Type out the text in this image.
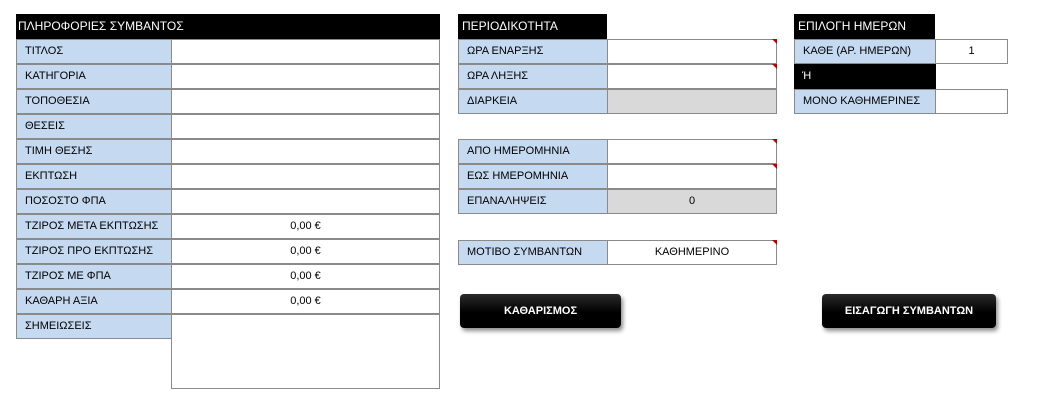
ΠΛΗΡΟΦΟΡΙΕΣ ΣΥΜΒΑΝΤΟΣ
ΤΙΤΛΟΣ
ΚΑΤΗΓΟΡΙΑ
ΤΟΠΟΘΕΣΙΑ
ΘΕΣΕΙΣ
ΤΙΜΗ ΘΕΣΗΣ
ΕΚΠΤΩΣΗ
ΠΟΣΟΣΤΟ ΦΠΑ
ΤΖΙΡΟΣ ΜΕΤΑ ΕΚΠΤΩΣΗΣ	0,00 €
ΤΖΙΡΟΣ ΠΡΟ ΕΚΠΤΩΣΗΣ	0,00 €
ΤΖΙΡΟΣ ΜΕ ΦΠΑ	0,00 €
ΚΑΘΑΡΗ ΑΞΙΑ	0,00 €
ΣΗΜΕΙΩΣΕΙΣ
ΠΕΡΙΟΔΙΚΟΤΗΤΑ
ΩΡΑ ΕΝΑΡΞΗΣ
ΩΡΑ ΛΗΞΗΣ
ΔΙΑΡΚΕΙΑ
ΑΠΟ ΗΜΕΡΟΜΗΝΙΑ
ΕΩΣ ΗΜΕΡΟΜΗΝΙΑ
ΕΠΑΝΑΛΗΨΕΙΣ	0
ΜΟΤΙΒΟ ΣΥΜΒΑΝΤΩΝ	ΚΑΘΗΜΕΡΙΝΟ
ΕΠΙΛΟΓΗ ΗΜΕΡΩΝ
ΚΑΘΕ (ΑΡ. ΗΜΕΡΩΝ)	1
Ή
ΜΟΝΟ ΚΑΘΗΜΕΡΙΝΕΣ
ΚΑΘΑΡΙΣΜΟΣ	ΕΙΣΑΓΩΓΗ ΣΥΜΒΑΝΤΩΝ
